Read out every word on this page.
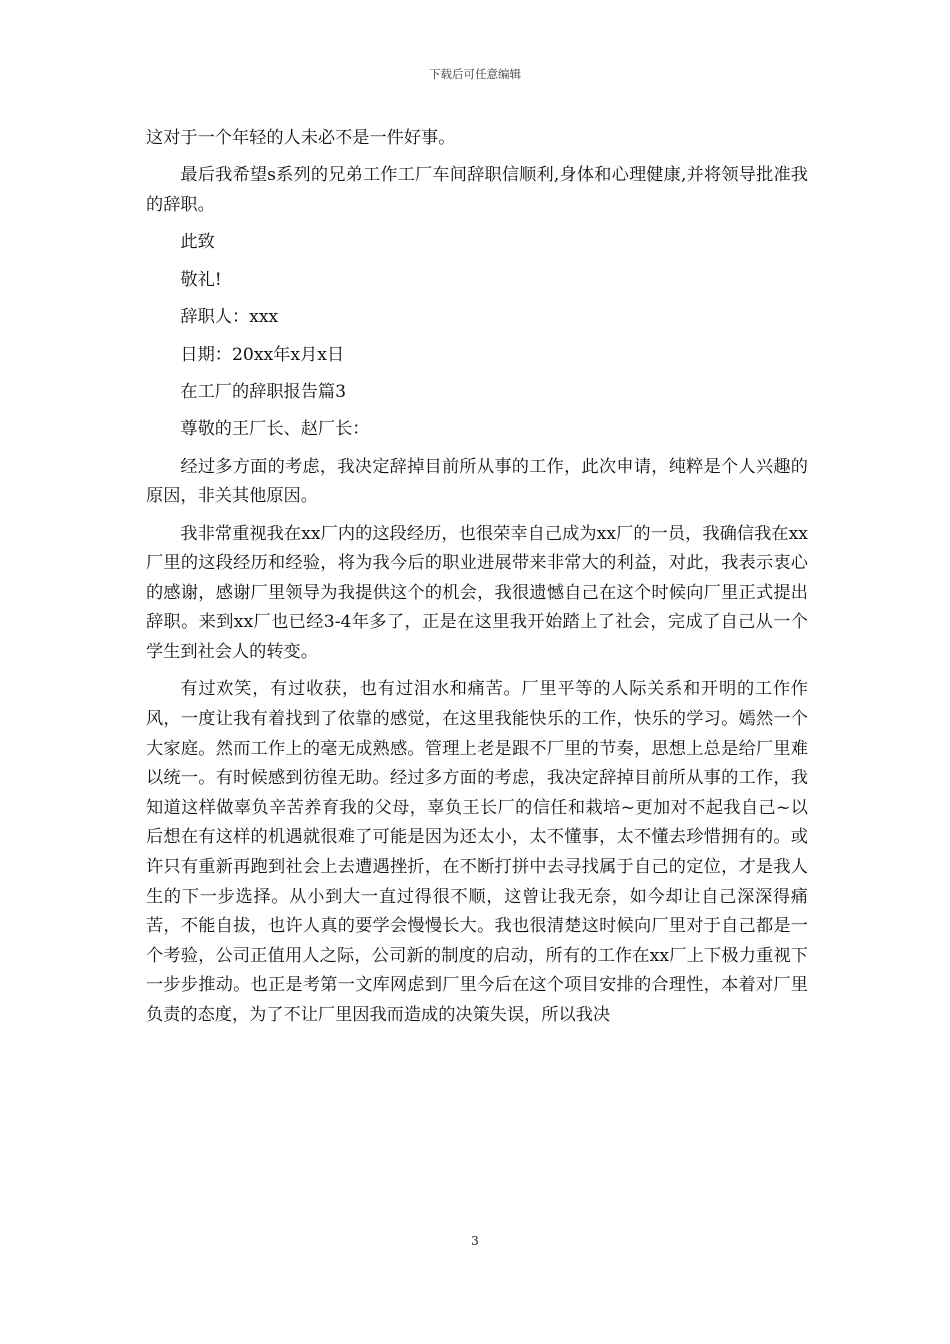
下载后可任意编辑

这对于一个年轻的人未必不是一件好事。

最后我希望s系列的兄弟工作工厂车间辞职信顺利,身体和心理健康,并将领导批准我的辞职。

此致

敬礼!

辞职人：xxx

日期：20xx年x月x日

在工厂的辞职报告篇3

尊敬的王厂长、赵厂长：

经过多方面的考虑，我决定辞掉目前所从事的工作，此次申请，纯粹是个人兴趣的原因，非关其他原因。

我非常重视我在xx厂内的这段经历，也很荣幸自己成为xx厂的一员，我确信我在xx厂里的这段经历和经验，将为我今后的职业进展带来非常大的利益，对此，我表示衷心的感谢，感谢厂里领导为我提供这个的机会，我很遗憾自己在这个时候向厂里正式提出辞职。来到xx厂也已经3-4年多了，正是在这里我开始踏上了社会，完成了自己从一个学生到社会人的转变。

有过欢笑，有过收获，也有过泪水和痛苦。厂里平等的人际关系和开明的工作作风，一度让我有着找到了依靠的感觉，在这里我能快乐的工作，快乐的学习。嫣然一个大家庭。然而工作上的毫无成熟感。管理上老是跟不厂里的节奏，思想上总是给厂里难以统一。有时候感到彷徨无助。经过多方面的考虑，我决定辞掉目前所从事的工作，我知道这样做辜负辛苦养育我的父母，辜负王长厂的信任和栽培~更加对不起我自己~以后想在有这样的机遇就很难了可能是因为还太小，太不懂事，太不懂去珍惜拥有的。或许只有重新再跑到社会上去遭遇挫折，在不断打拼中去寻找属于自己的定位，才是我人生的下一步选择。从小到大一直过得很不顺，这曾让我无奈，如今却让自己深深得痛苦，不能自拔，也许人真的要学会慢慢长大。我也很清楚这时候向厂里对于自己都是一个考验，公司正值用人之际，公司新的制度的启动，所有的工作在xx厂上下极力重视下一步步推动。也正是考第一文库网虑到厂里今后在这个项目安排的合理性，本着对厂里负责的态度，为了不让厂里因我而造成的决策失误，所以我决

3
